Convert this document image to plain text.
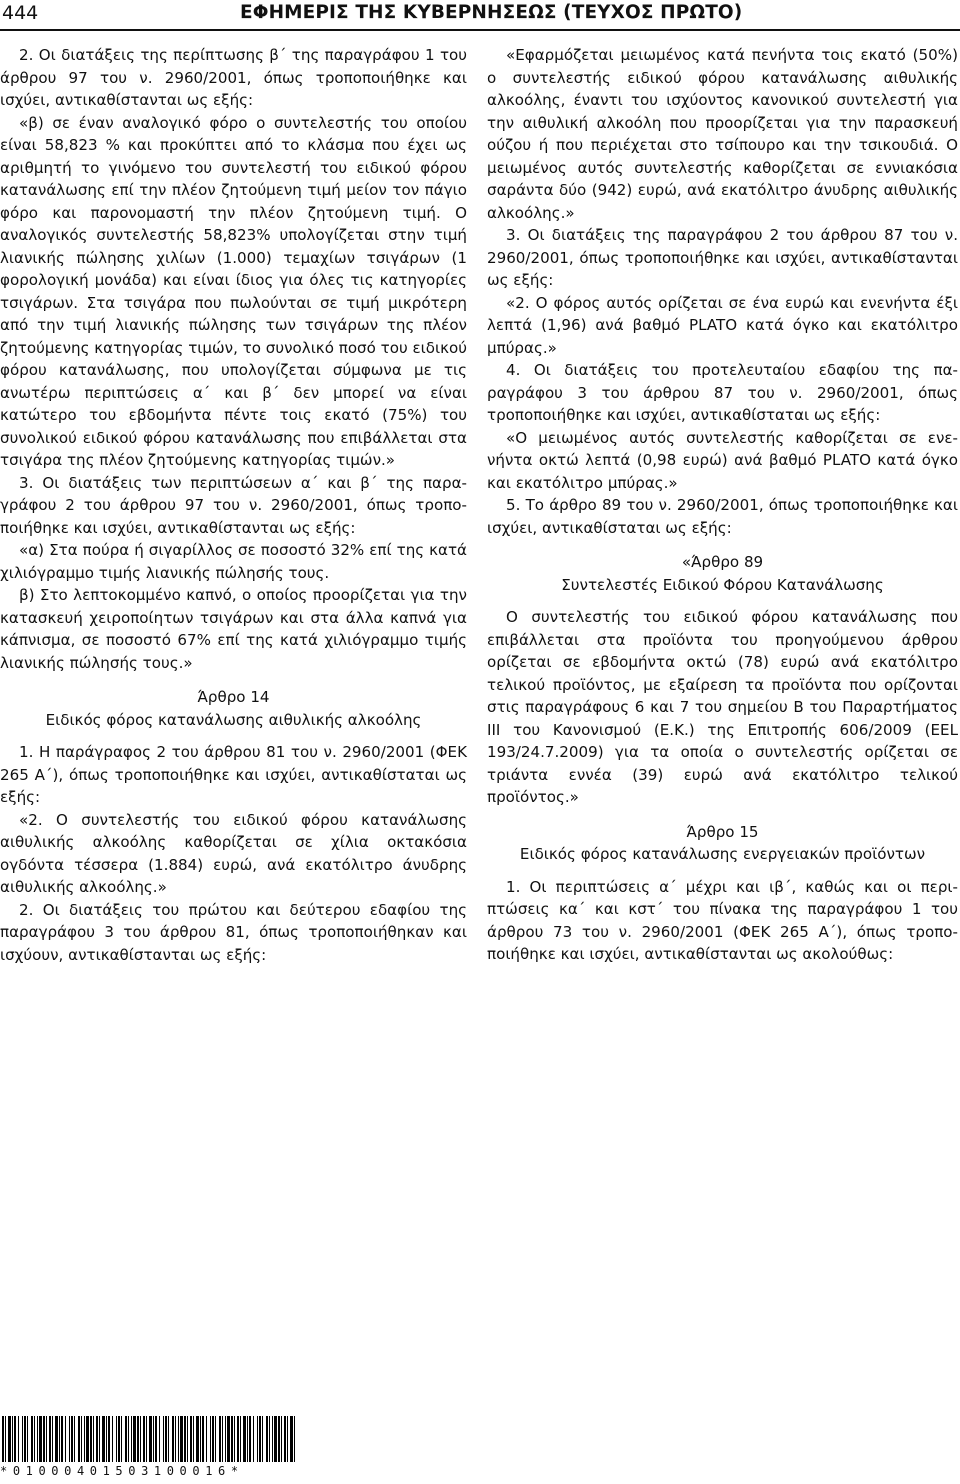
444	ΕΦΗΜΕΡΙΣ ΤΗΣ ΚΥΒΕΡΝΗΣΕΩΣ (ΤΕΥΧΟΣ ΠΡΩΤΟ)

2. Οι διατάξεις της περίπτωσης β΄ της παραγράφου 1 του άρθρου 97 του ν. 2960/2001, όπως τροποποιήθηκε και ισχύει, αντικαθίστανται ως εξής:

«β) σε έναν αναλογικό φόρο ο συντελεστής του οποίου είναι 58,823 % και προκύπτει από το κλάσμα που έχει ως αριθμητή το γινόμενο του συντελεστή του ειδικού φόρου κατανάλωσης επί την πλέον ζητούμενη τιμή μείον τον πάγιο φόρο και παρονομαστή την πλέον ζητούμενη τιμή. Ο αναλογικός συντελεστής 58,823% υπολογίζεται στην τιμή λιανικής πώλησης χιλίων (1.000) τεμαχίων τσιγάρων (1 φορολογική μονάδα) και είναι ίδιος για όλες τις κατηγορίες τσιγάρων. Στα τσιγάρα που πωλούνται σε τιμή μικρότερη από την τιμή λιανικής πώλησης των τσιγάρων της πλέον ζητούμενης κατηγορίας τιμών, το συνολικό ποσό του ειδικού φόρου κατανάλωσης, που υπολογίζεται σύμφωνα με τις ανωτέρω περιπτώσεις α΄ και β΄ δεν μπορεί να είναι κατώτερο του εβδομήντα πέντε τοις εκατό (75%) του συνολικού ειδικού φόρου κατανάλωσης που επιβάλλεται στα τσιγάρα της πλέον ζητούμενης κατηγορίας τιμών.»

3. Οι διατάξεις των περιπτώσεων α΄ και β΄ της παραγράφου 2 του άρθρου 97 του ν. 2960/2001, όπως τροποποιήθηκε και ισχύει, αντικαθίστανται ως εξής:

«α) Στα πούρα ή σιγαρίλλος σε ποσοστό 32% επί της κατά χιλιόγραμμο τιμής λιανικής πώλησής τους.

β) Στο λεπτοκομμένο καπνό, ο οποίος προορίζεται για την κατασκευή χειροποίητων τσιγάρων και στα άλλα καπνά για κάπνισμα, σε ποσοστό 67% επί της κατά χιλιόγραμμο τιμής λιανικής πώλησής τους.»

Άρθρο 14

Ειδικός φόρος κατανάλωσης αιθυλικής αλκοόλης

1. Η παράγραφος 2 του άρθρου 81 του ν. 2960/2001 (ΦΕΚ 265 Α΄), όπως τροποποιήθηκε και ισχύει, αντικαθίσταται ως εξής:

«2. Ο συντελεστής του ειδικού φόρου κατανάλωσης αιθυλικής αλκοόλης καθορίζεται σε χίλια οκτακόσια ογδόντα τέσσερα (1.884) ευρώ, ανά εκατόλιτρο άνυδρης αιθυλικής αλκοόλης.»

2. Οι διατάξεις του πρώτου και δεύτερου εδαφίου της παραγράφου 3 του άρθρου 81, όπως τροποποιήθηκαν και ισχύουν, αντικαθίστανται ως εξής:

«Εφαρμόζεται μειωμένος κατά πενήντα τοις εκατό (50%) ο συντελεστής ειδικού φόρου κατανάλωσης αιθυλικής αλκοόλης, έναντι του ισχύοντος κανονικού συντελεστή για την αιθυλική αλκοόλη που προορίζεται για την παρασκευή ούζου ή που περιέχεται στο τσίπουρο και την τσικουδιά. Ο μειωμένος αυτός συντελεστής καθορίζεται σε εννιακόσια σαράντα δύο (942) ευρώ, ανά εκατόλιτρο άνυδρης αιθυλικής αλκοόλης.»

3. Οι διατάξεις της παραγράφου 2 του άρθρου 87 του ν. 2960/2001, όπως τροποποιήθηκε και ισχύει, αντικαθίστανται ως εξής:

«2. Ο φόρος αυτός ορίζεται σε ένα ευρώ και ενενήντα έξι λεπτά (1,96) ανά βαθμό PLATO κατά όγκο και εκατόλιτρο μπύρας.»

4. Οι διατάξεις του προτελευταίου εδαφίου της παραγράφου 3 του άρθρου 87 του ν. 2960/2001, όπως τροποποιήθηκε και ισχύει, αντικαθίσταται ως εξής:

«Ο μειωμένος αυτός συντελεστής καθορίζεται σε ενενήντα οκτώ λεπτά (0,98 ευρώ) ανά βαθμό PLATO κατά όγκο και εκατόλιτρο μπύρας.»

5. Το άρθρο 89 του ν. 2960/2001, όπως τροποποιήθηκε και ισχύει, αντικαθίσταται ως εξής:

«Άρθρο 89

Συντελεστές Ειδικού Φόρου Κατανάλωσης

Ο συντελεστής του ειδικού φόρου κατανάλωσης που επιβάλλεται στα προϊόντα του προηγούμενου άρθρου ορίζεται σε εβδομήντα οκτώ (78) ευρώ ανά εκατόλιτρο τελικού προϊόντος, με εξαίρεση τα προϊόντα που ορίζονται στις παραγράφους 6 και 7 του σημείου Β του Παραρτήματος ΙΙΙ του Κανονισμού (Ε.Κ.) της Επιτροπής 606/2009 (ΕΕL 193/24.7.2009) για τα οποία ο συντελεστής ορίζεται σε τριάντα εννέα (39) ευρώ ανά εκατόλιτρο τελικού προϊόντος.»

Άρθρο 15

Ειδικός φόρος κατανάλωσης ενεργειακών προϊόντων

1. Οι περιπτώσεις α΄ μέχρι και ιβ΄, καθώς και οι περιπτώσεις κα΄ και κστ΄ του πίνακα της παραγράφου 1 του άρθρου 73 του ν. 2960/2001 (ΦΕΚ 265 Α΄), όπως τροποποιήθηκε και ισχύει, αντικαθίστανται ως ακολούθως:

*01000401503100016*
